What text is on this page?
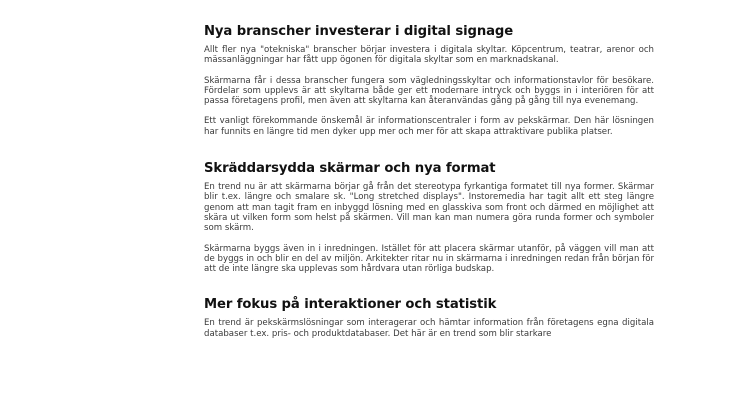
Nya branscher investerar i digital signage
Allt fler nya "otekniska" branscher börjar investera i digitala skyltar. Köpcentrum, teatrar, arenor och mässanläggningar har fått upp ögonen för digitala skyltar som en marknadskanal.
Skärmarna får i dessa branscher fungera som vägledningsskyltar och informationstavlor för besökare. Fördelar som upplevs är att skyltarna både ger ett modernare intryck och byggs in i interiören för att passa företagens profil, men även att skyltarna kan återanvändas gång på gång till nya evenemang.
Ett vanligt förekommande önskemål är informationscentraler i form av pekskärmar. Den här lösningen har funnits en längre tid men dyker upp mer och mer för att skapa attraktivare publika platser.
Skräddarsydda skärmar och nya format
En trend nu är att skärmarna börjar gå från det stereotypa fyrkantiga formatet till nya former. Skärmar blir t.ex. längre och smalare sk. "Long stretched displays". Instoremedia har tagit allt ett steg längre genom att man tagit fram en inbyggd lösning med en glasskiva som front och därmed en möjlighet att skära ut vilken form som helst på skärmen. Vill man kan man numera göra runda former och symboler som skärm.
Skärmarna byggs även in i inredningen. Istället för att placera skärmar utanför, på väggen vill man att de byggs in och blir en del av miljön. Arkitekter ritar nu in skärmarna i inredningen redan från början för att de inte längre ska upplevas som hårdvara utan rörliga budskap.
Mer fokus på interaktioner och statistik
En trend är pekskärmslösningar som interagerar och hämtar information från företagens egna digitala databaser t.ex. pris- och produktdatabaser. Det här är en trend som blir starkare
